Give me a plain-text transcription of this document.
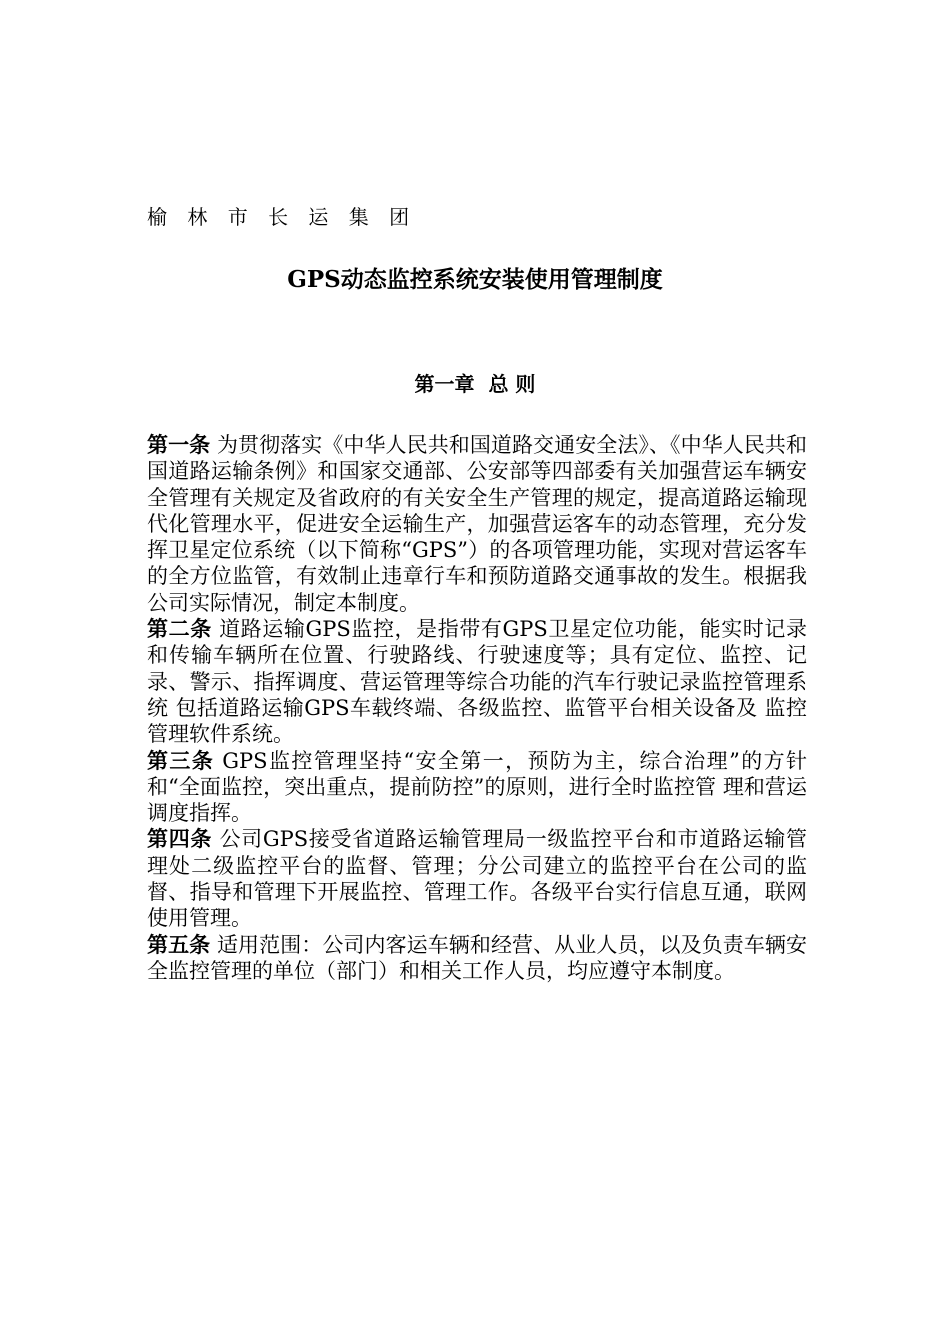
榆 林 市 长 运 集 团
GPS动态监控系统安装使用管理制度
第一章  总 则

第一条 为贯彻落实《中华人民共和国道路交通安全法》、《中华人民共和国道路运输条例》和国家交通部、公安部等四部委有关加强营运车辆安全管理有关规定及省政府的有关安全生产管理的规定，提高道路运输现代化管理水平，促进安全运输生产，加强营运客车的动态管理，充分发挥卫星定位系统（以下简称“GPS”）的各项管理功能，实现对营运客车的全方位监管，有效制止违章行车和预防道路交通事故的发生。根据我公司实际情况，制定本制度。

第二条 道路运输GPS监控，是指带有GPS卫星定位功能，能实时记录和传输车辆所在位置、行驶路线、行驶速度等；具有定位、监控、记录、警示、指挥调度、营运管理等综合功能的汽车行驶记录监控管理系统 包括道路运输GPS车载终端、各级监控、监管平台相关设备及 监控管理软件系统。

第三条 GPS监控管理坚持“安全第一，预防为主，综合治理”的方针和“全面监控，突出重点，提前防控”的原则，进行全时监控管 理和营运调度指挥。

第四条 公司GPS接受省道路运输管理局一级监控平台和市道路运输管理处二级监控平台的监督、管理；分公司建立的监控平台在公司的监督、指导和管理下开展监控、管理工作。各级平台实行信息互通，联网使用管理。

第五条 适用范围：公司内客运车辆和经营、从业人员，以及负责车辆安全监控管理的单位（部门）和相关工作人员，均应遵守本制度。
